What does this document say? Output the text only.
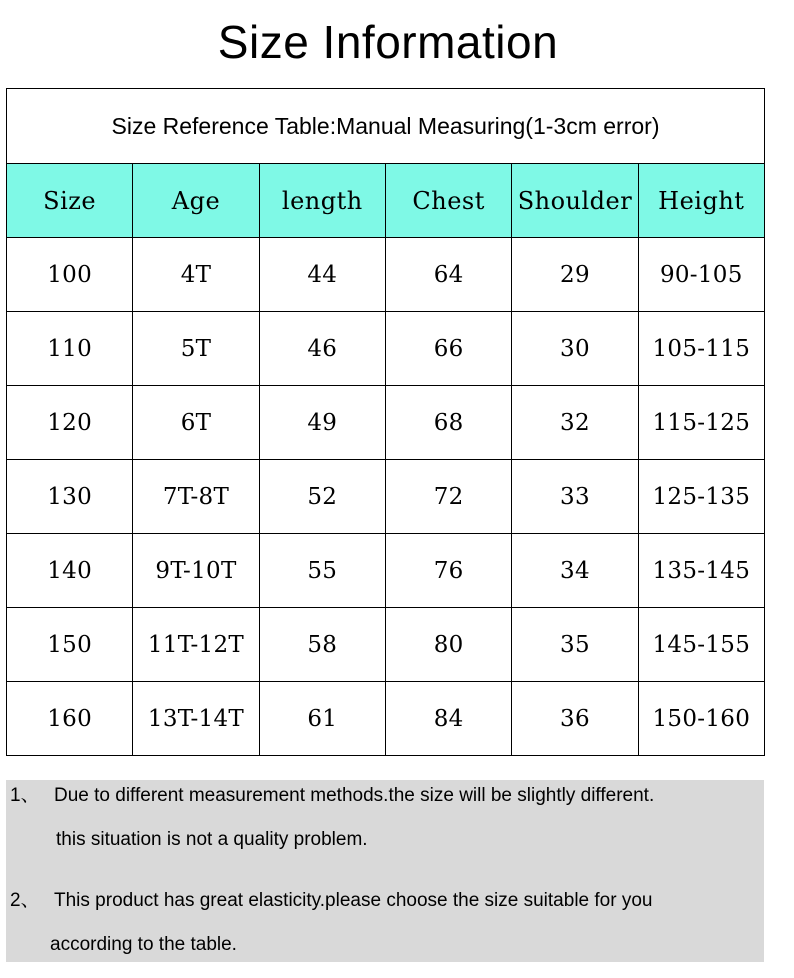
Size Information
Size Reference Table:Manual Measuring(1-3cm error)					
Size	Age	length	Chest	Shoulder	Height
100	4T	44	64	29	90-105
110	5T	46	66	30	105-115
120	6T	49	68	32	115-125
130	7T-8T	52	72	33	125-135
140	9T-10T	55	76	34	135-145
150	11T-12T	58	80	35	145-155
160	13T-14T	61	84	36	150-160
1、 Due to different measurement methods.the size will be slightly different.
this situation is not a quality problem.
2、 This product has great elasticity.please choose the size suitable for you
according to the table.
